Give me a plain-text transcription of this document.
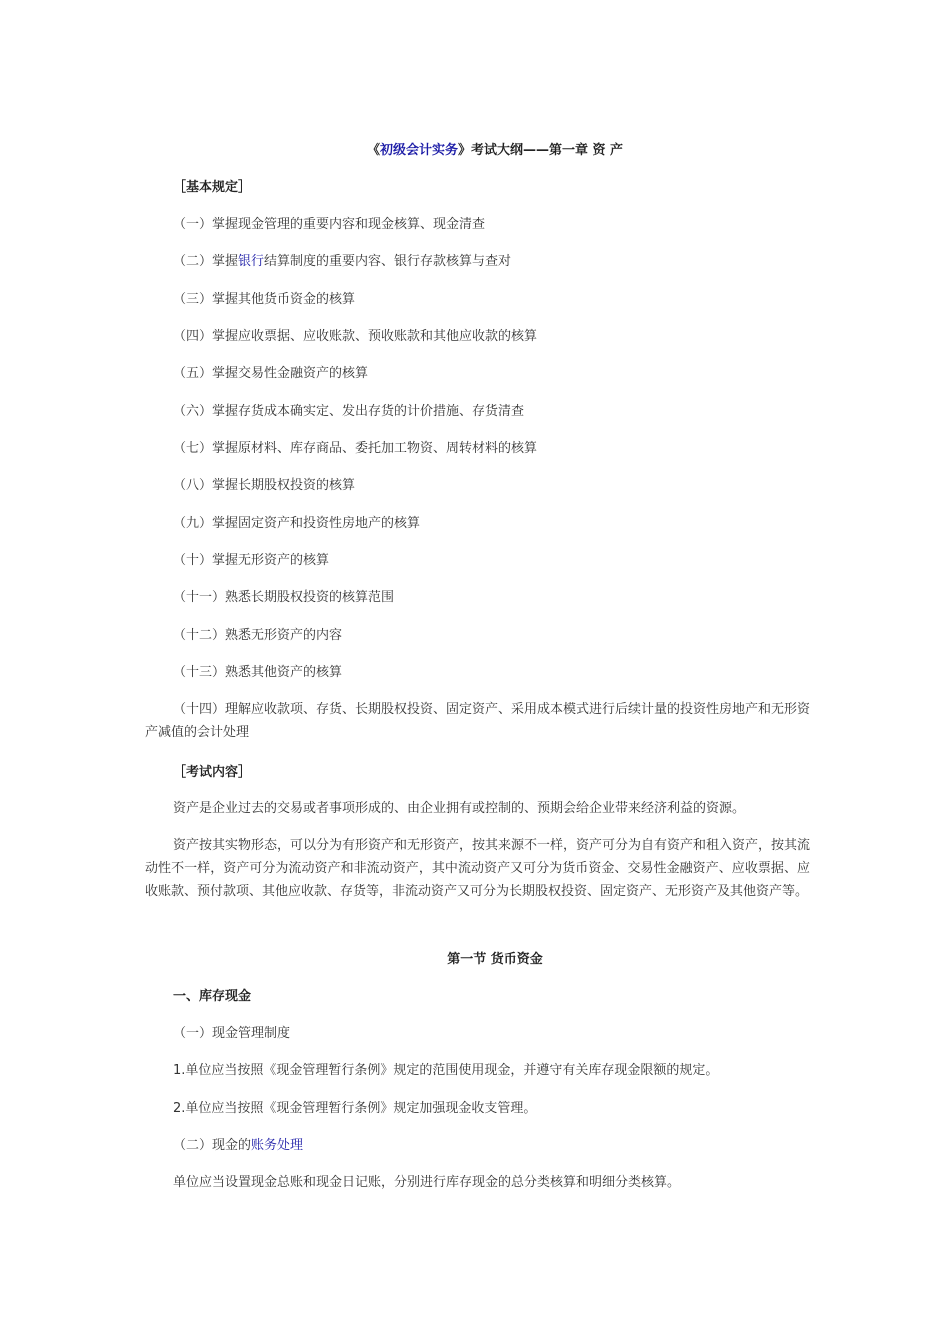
《初级会计实务》考试大纲——第一章 资 产
［基本规定］
（一）掌握现金管理的重要内容和现金核算、现金清查
（二）掌握银行结算制度的重要内容、银行存款核算与查对
（三）掌握其他货币资金的核算
（四）掌握应收票据、应收账款、预收账款和其他应收款的核算
（五）掌握交易性金融资产的核算
（六）掌握存货成本确实定、发出存货的计价措施、存货清查
（七）掌握原材料、库存商品、委托加工物资、周转材料的核算
（八）掌握长期股权投资的核算
（九）掌握固定资产和投资性房地产的核算
（十）掌握无形资产的核算
（十一）熟悉长期股权投资的核算范围
（十二）熟悉无形资产的内容
（十三）熟悉其他资产的核算
（十四）理解应收款项、存货、长期股权投资、固定资产、采用成本模式进行后续计量的投资性房地产和无形资产减值的会计处理
［考试内容］
资产是企业过去的交易或者事项形成的、由企业拥有或控制的、预期会给企业带来经济利益的资源。
资产按其实物形态，可以分为有形资产和无形资产，按其来源不一样，资产可分为自有资产和租入资产，按其流动性不一样，资产可分为流动资产和非流动资产，其中流动资产又可分为货币资金、交易性金融资产、应收票据、应收账款、预付款项、其他应收款、存货等，非流动资产又可分为长期股权投资、固定资产、无形资产及其他资产等。
第一节 货币资金
一、库存现金
（一）现金管理制度
1.单位应当按照《现金管理暂行条例》规定的范围使用现金，并遵守有关库存现金限额的规定。
2.单位应当按照《现金管理暂行条例》规定加强现金收支管理。
（二）现金的账务处理
单位应当设置现金总账和现金日记账，分别进行库存现金的总分类核算和明细分类核算。
